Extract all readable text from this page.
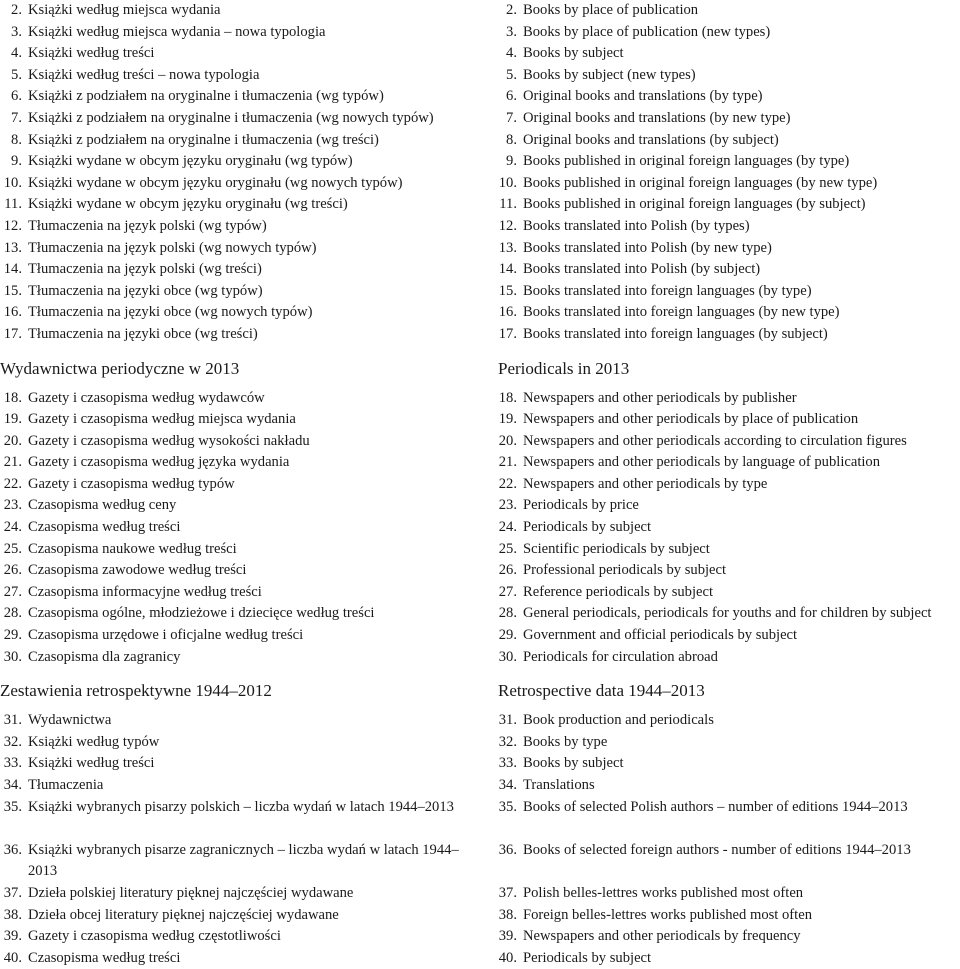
2. Książki według miejsca wydania
3. Książki według miejsca wydania – nowa typologia
4. Książki według treści
5. Książki według treści – nowa typologia
6. Książki z podziałem na oryginalne i tłumaczenia (wg typów)
7. Książki z podziałem na oryginalne i tłumaczenia (wg nowych typów)
8. Książki z podziałem na oryginalne i tłumaczenia (wg treści)
9. Książki wydane w obcym języku oryginału (wg typów)
10. Książki wydane w obcym języku oryginału (wg nowych typów)
11. Książki wydane w obcym języku oryginału (wg treści)
12. Tłumaczenia na język polski (wg typów)
13. Tłumaczenia na język polski (wg nowych typów)
14. Tłumaczenia na język polski (wg treści)
15. Tłumaczenia na języki obce (wg typów)
16. Tłumaczenia na języki obce (wg nowych typów)
17. Tłumaczenia na języki obce (wg treści)
Wydawnictwa periodyczne w 2013
18. Gazety i czasopisma według wydawców
19. Gazety i czasopisma według miejsca wydania
20. Gazety i czasopisma według wysokości nakładu
21. Gazety i czasopisma według języka wydania
22. Gazety i czasopisma według typów
23. Czasopisma według ceny
24. Czasopisma według treści
25. Czasopisma naukowe według treści
26. Czasopisma zawodowe według treści
27. Czasopisma informacyjne według treści
28. Czasopisma ogólne, młodzieżowe i dziecięce według treści
29. Czasopisma urzędowe i oficjalne według treści
30. Czasopisma dla zagranicy
Zestawienia retrospektywne 1944–2012
31. Wydawnictwa
32. Książki według typów
33. Książki według treści
34. Tłumaczenia
35. Książki wybranych pisarzy polskich – liczba wydań w latach 1944–2013
36. Książki wybranych pisarze zagranicznych – liczba wydań w latach 1944–2013
37. Dzieła polskiej literatury pięknej najczęściej wydawane
38. Dzieła obcej literatury pięknej najczęściej wydawane
39. Gazety i czasopisma według częstotliwości
40. Czasopisma według treści
2. Books by place of publication
3. Books by place of publication (new types)
4. Books by subject
5. Books by subject (new types)
6. Original books and translations (by type)
7. Original books and translations (by new type)
8. Original books and translations (by subject)
9. Books published in original foreign languages (by type)
10. Books published in original foreign languages (by new type)
11. Books published in original foreign languages (by subject)
12. Books translated into Polish (by types)
13. Books translated into Polish (by new type)
14. Books translated into Polish (by subject)
15. Books translated into foreign languages (by type)
16. Books translated into foreign languages (by new type)
17. Books translated into foreign languages (by subject)
Periodicals in 2013
18. Newspapers and other periodicals by publisher
19. Newspapers and other periodicals by place of publication
20. Newspapers and other periodicals according to circulation figures
21. Newspapers and other periodicals by language of publication
22. Newspapers and other periodicals by type
23. Periodicals by price
24. Periodicals by subject
25. Scientific periodicals by subject
26. Professional periodicals by subject
27. Reference periodicals by subject
28. General periodicals, periodicals for youths and for children by subject
29. Government and official periodicals by subject
30. Periodicals for circulation abroad
Retrospective data 1944–2013
31. Book production and periodicals
32. Books by type
33. Books by subject
34. Translations
35. Books of selected Polish authors – number of editions 1944–2013
36. Books of selected foreign authors - number of editions 1944–2013
37. Polish belles-lettres works published most often
38. Foreign belles-lettres works published most often
39. Newspapers and other periodicals by frequency
40. Periodicals by subject
